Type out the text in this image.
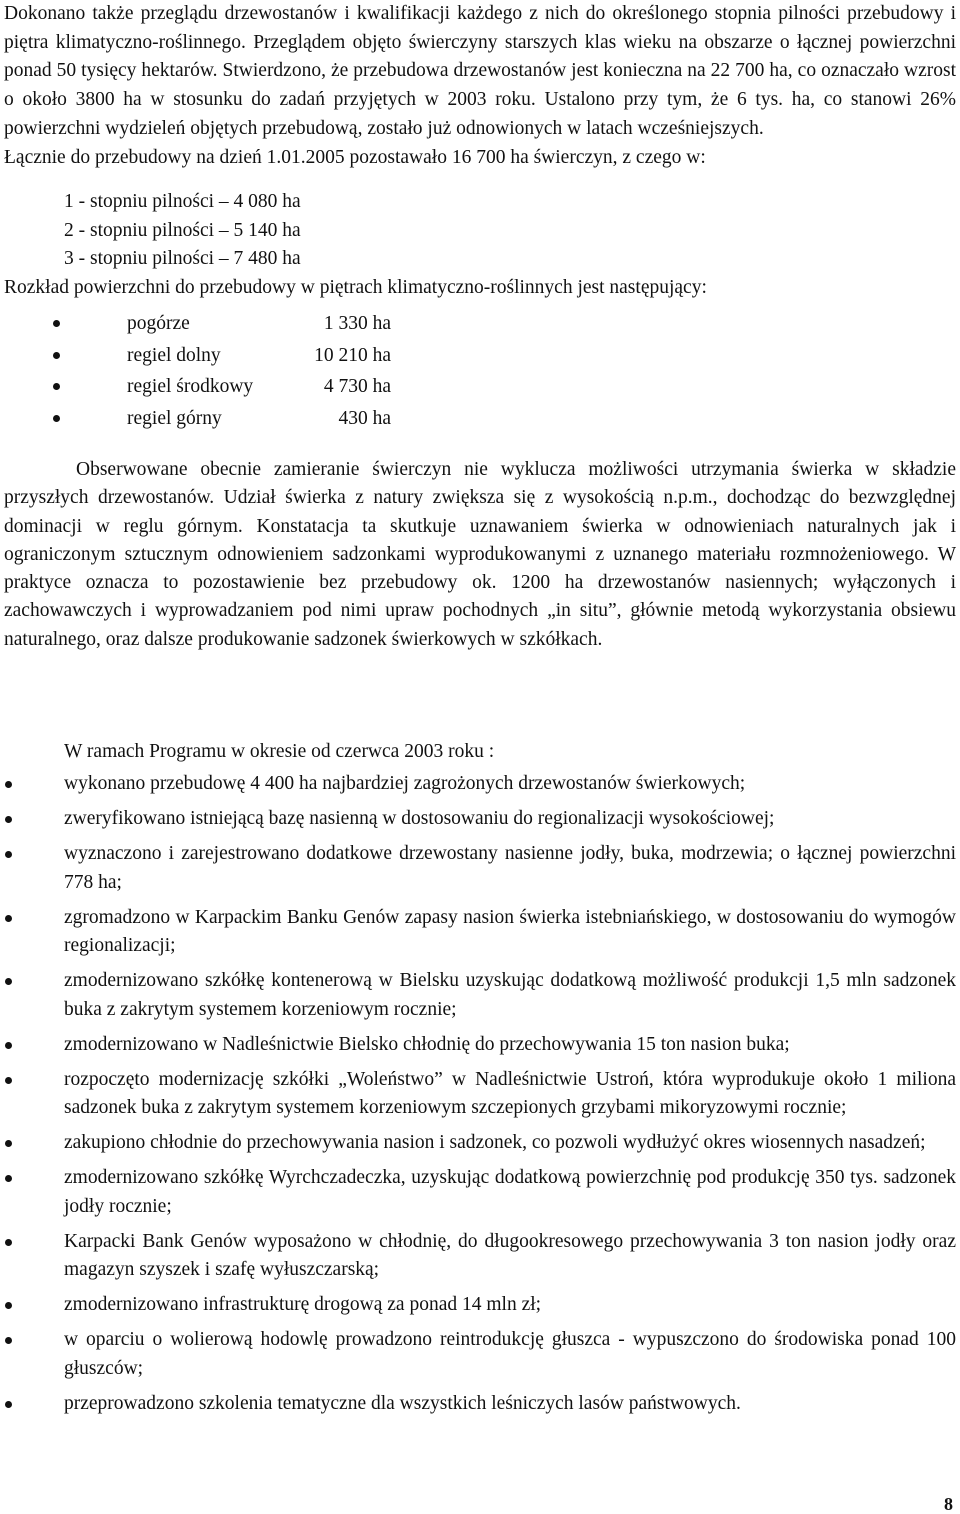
Dokonano także przeglądu drzewostanów i kwalifikacji każdego z nich do określonego stopnia pilności przebudowy i piętra klimatyczno-roślinnego. Przeglądem objęto świerczyny starszych klas wieku na obszarze o łącznej powierzchni ponad 50 tysięcy hektarów. Stwierdzono, że przebudowa drzewostanów jest konieczna na 22 700 ha, co oznaczało wzrost o około 3800 ha w stosunku do zadań przyjętych w 2003 roku. Ustalono przy tym, że 6 tys. ha, co stanowi 26% powierzchni wydzieleń objętych przebudową, zostało już odnowionych w latach wcześniejszych.
Łącznie do przebudowy na dzień 1.01.2005 pozostawało 16 700 ha świerczyn, z czego w:

1 - stopniu pilności – 4 080 ha
2 - stopniu pilności – 5 140 ha
3 - stopniu pilności – 7 480 ha

Rozkład powierzchni do przebudowy w piętrach klimatyczno-roślinnych jest następujący:

pogórze	1 330 ha
regiel dolny	10 210 ha
regiel środkowy	4 730 ha
regiel górny	430 ha

Obserwowane obecnie zamieranie świerczyn nie wyklucza możliwości utrzymania świerka w składzie przyszłych drzewostanów. Udział świerka z natury zwiększa się z wysokością n.p.m., dochodząc do bezwzględnej dominacji w reglu górnym. Konstatacja ta skutkuje uznawaniem świerka w odnowieniach naturalnych jak i ograniczonym sztucznym odnowieniem sadzonkami wyprodukowanymi z uznanego materiału rozmnożeniowego. W praktyce oznacza to pozostawienie bez przebudowy ok. 1200 ha drzewostanów nasiennych; wyłączonych i zachowawczych i wyprowadzaniem pod nimi upraw pochodnych „in situ”, głównie metodą wykorzystania obsiewu naturalnego, oraz dalsze produkowanie sadzonek świerkowych w szkółkach.

W ramach Programu w okresie od czerwca 2003 roku :

wykonano przebudowę 4 400 ha najbardziej zagrożonych drzewostanów świerkowych;
zweryfikowano istniejącą bazę nasienną w dostosowaniu do regionalizacji wysokościowej;
wyznaczono i zarejestrowano dodatkowe drzewostany nasienne jodły, buka, modrzewia; o łącznej powierzchni 778 ha;
zgromadzono w Karpackim Banku Genów zapasy nasion świerka istebniańskiego, w dostosowaniu do wymogów regionalizacji;
zmodernizowano szkółkę kontenerową w Bielsku uzyskując dodatkową możliwość produkcji 1,5 mln sadzonek buka z zakrytym systemem korzeniowym rocznie;
zmodernizowano w Nadleśnictwie Bielsko chłodnię do przechowywania 15 ton nasion buka;
rozpoczęto modernizację szkółki „Woleństwo” w Nadleśnictwie Ustroń, która wyprodukuje około 1 miliona sadzonek buka z zakrytym systemem korzeniowym szczepionych grzybami mikoryzowymi rocznie;
zakupiono chłodnie do przechowywania nasion i sadzonek, co pozwoli wydłużyć okres wiosennych nasadzeń;
zmodernizowano szkółkę Wyrchczadeczka, uzyskując dodatkową powierzchnię pod produkcję 350 tys. sadzonek jodły rocznie;
Karpacki Bank Genów wyposażono w chłodnię, do długookresowego przechowywania 3 ton nasion jodły oraz magazyn szyszek i szafę wyłuszczarską;
zmodernizowano infrastrukturę drogową za ponad 14 mln zł;
w oparciu o wolierową hodowlę prowadzono reintrodukcję głuszca - wypuszczono do środowiska ponad 100 głuszców;
przeprowadzono szkolenia tematyczne dla wszystkich leśniczych lasów państwowych.
8
